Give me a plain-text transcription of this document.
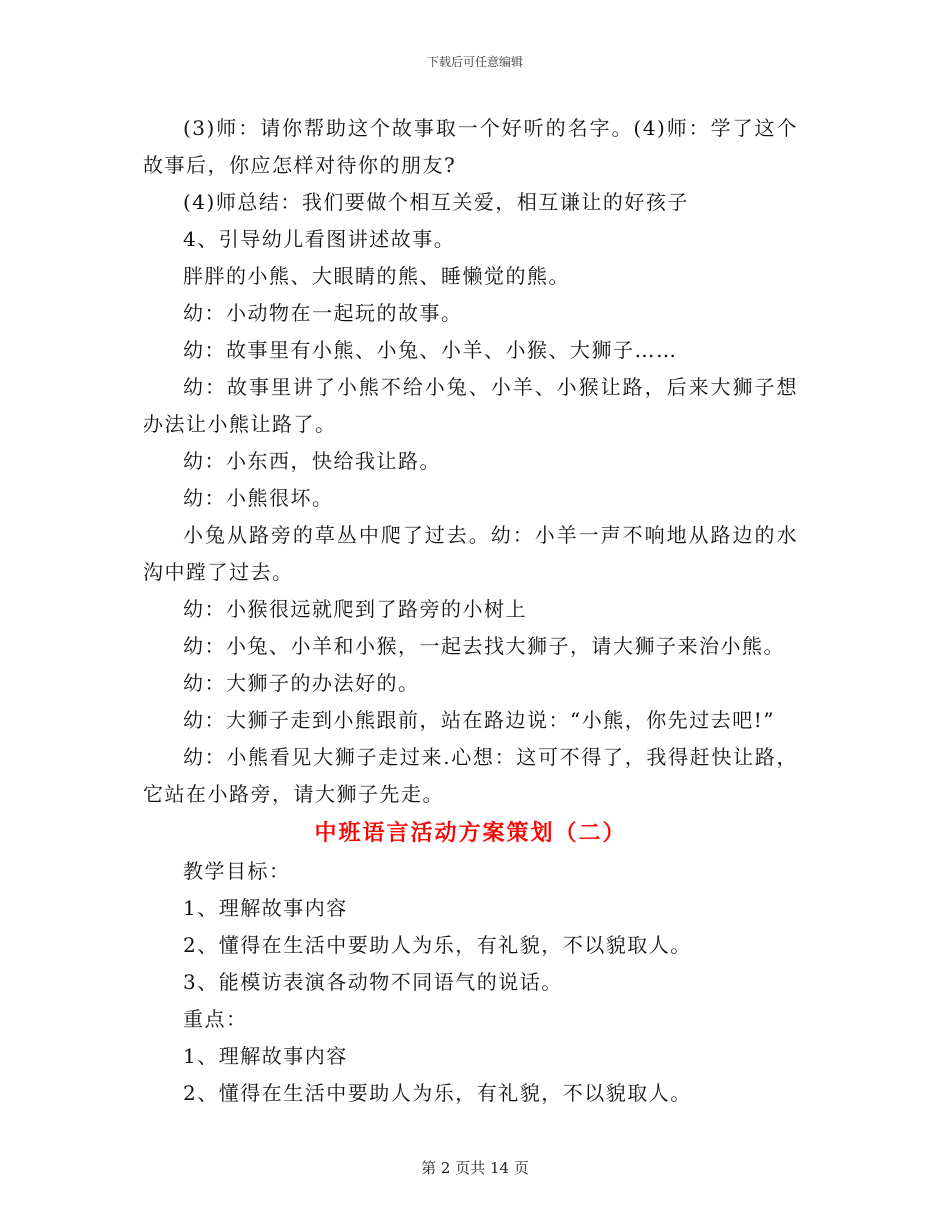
下载后可任意编辑

(3)师：请你帮助这个故事取一个好听的名字。(4)师：学了这个故事后，你应怎样对待你的朋友?

(4)师总结：我们要做个相互关爱，相互谦让的好孩子

4、引导幼儿看图讲述故事。

胖胖的小熊、大眼睛的熊、睡懒觉的熊。

幼：小动物在一起玩的故事。

幼：故事里有小熊、小兔、小羊、小猴、大狮子……

幼：故事里讲了小熊不给小兔、小羊、小猴让路，后来大狮子想办法让小熊让路了。

幼：小东西，快给我让路。

幼：小熊很坏。

小兔从路旁的草丛中爬了过去。幼：小羊一声不响地从路边的水沟中蹚了过去。

幼：小猴很远就爬到了路旁的小树上

幼：小兔、小羊和小猴，一起去找大狮子，请大狮子来治小熊。

幼：大狮子的办法好的。

幼：大狮子走到小熊跟前，站在路边说：“小熊，你先过去吧!”

幼：小熊看见大狮子走过来.心想：这可不得了，我得赶快让路，它站在小路旁，请大狮子先走。

中班语言活动方案策划（二）

教学目标：

1、理解故事内容

2、懂得在生活中要助人为乐，有礼貌，不以貌取人。

3、能模访表演各动物不同语气的说话。

重点：

1、理解故事内容

2、懂得在生活中要助人为乐，有礼貌，不以貌取人。

第 2 页共 14 页
